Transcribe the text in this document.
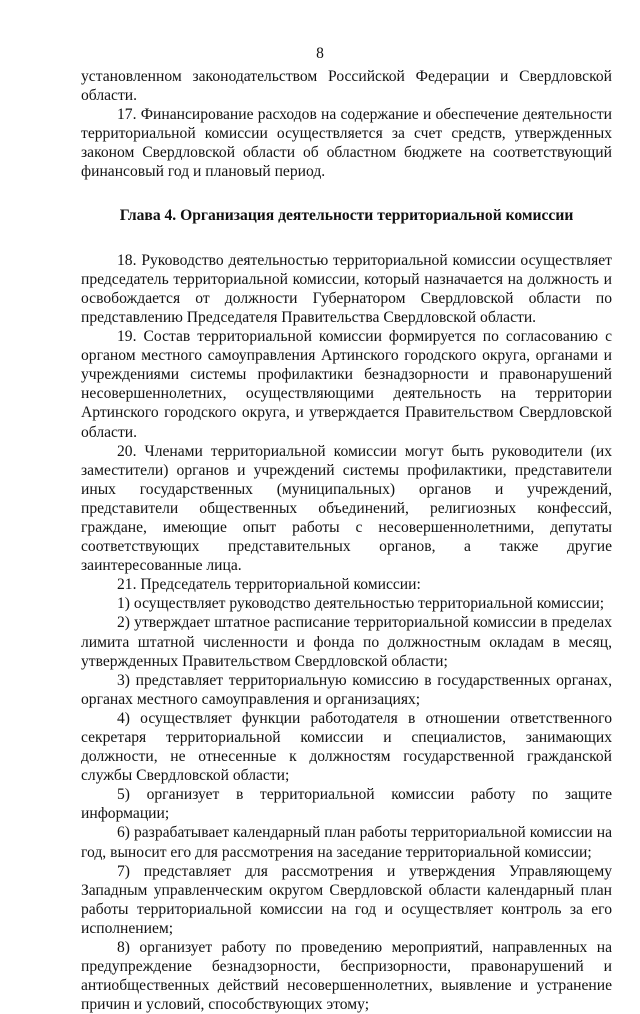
8

установленном законодательством Российской Федерации и Свердловской области.

17. Финансирование расходов на содержание и обеспечение деятельности территориальной комиссии осуществляется за счет средств, утвержденных законом Свердловской области об областном бюджете на соответствующий финансовый год и плановый период.

Глава 4. Организация деятельности территориальной комиссии

18. Руководство деятельностью территориальной комиссии осуществляет председатель территориальной комиссии, который назначается на должность и освобождается от должности Губернатором Свердловской области по представлению Председателя Правительства Свердловской области.

19. Состав территориальной комиссии формируется по согласованию с органом местного самоуправления Артинского городского округа, органами и учреждениями системы профилактики безнадзорности и правонарушений несовершеннолетних, осуществляющими деятельность на территории Артинского городского округа, и утверждается Правительством Свердловской области.

20. Членами территориальной комиссии могут быть руководители (их заместители) органов и учреждений системы профилактики, представители иных государственных (муниципальных) органов и учреждений, представители общественных объединений, религиозных конфессий, граждане, имеющие опыт работы с несовершеннолетними, депутаты соответствующих представительных органов, а также другие заинтересованные лица.

21. Председатель территориальной комиссии:

1) осуществляет руководство деятельностью территориальной комиссии;

2) утверждает штатное расписание территориальной комиссии в пределах лимита штатной численности и фонда по должностным окладам в месяц, утвержденных Правительством Свердловской области;

3) представляет территориальную комиссию в государственных органах, органах местного самоуправления и организациях;

4) осуществляет функции работодателя в отношении ответственного секретаря территориальной комиссии и специалистов, занимающих должности, не отнесенные к должностям государственной гражданской службы Свердловской области;

5) организует в территориальной комиссии работу по защите информации;

6) разрабатывает календарный план работы территориальной комиссии на год, выносит его для рассмотрения на заседание территориальной комиссии;

7) представляет для рассмотрения и утверждения Управляющему Западным управленческим округом Свердловской области календарный план работы территориальной комиссии на год и осуществляет контроль за его исполнением;

8) организует работу по проведению мероприятий, направленных на предупреждение безнадзорности, беспризорности, правонарушений и антиобщественных действий несовершеннолетних, выявление и устранение причин и условий, способствующих этому;
